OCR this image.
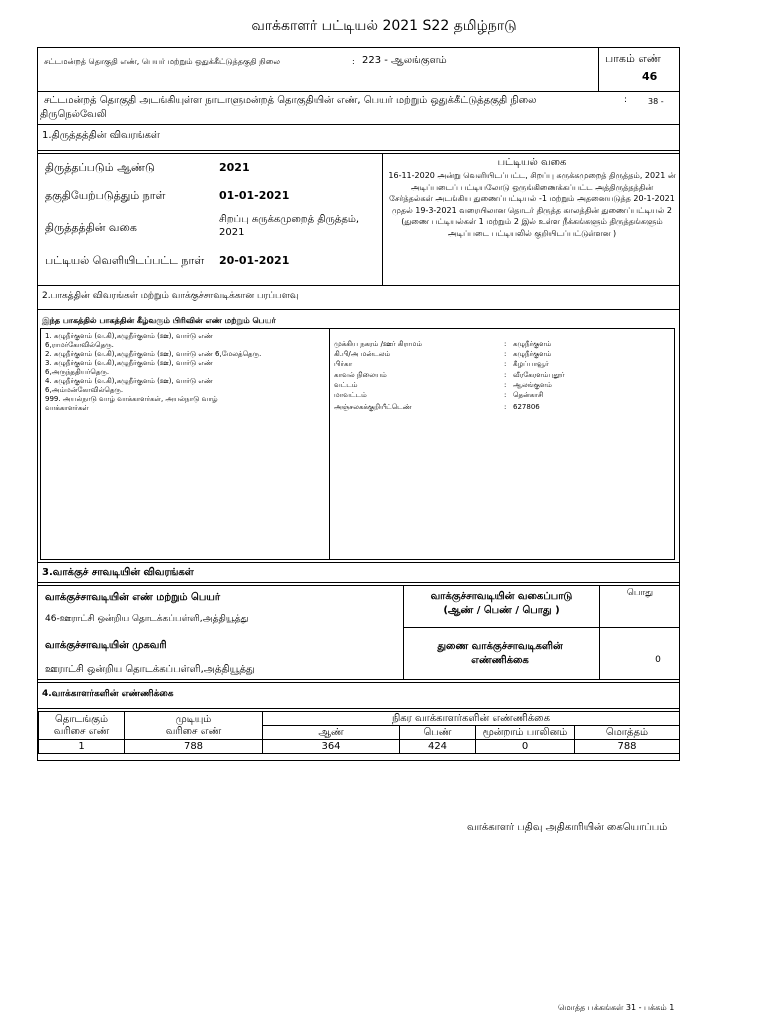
வாக்காளர் பட்டியல் 2021 S22 தமிழ்நாடு
சட்டமன்றத் தொகுதி எண், பெயர் மற்றும் ஒதுக்கீட்டுத்தகுதி நிலை	: 223 - ஆலங்குளம்	பாகம் எண்
46
சட்டமன்றத் தொகுதி அடங்கியுள்ள நாடாளுமன்றத் தொகுதியின் எண், பெயர் மற்றும் ஒதுக்கீட்டுத்தகுதி நிலை	:	38 -
திருநெல்வேலி
1.திருத்தத்தின் விவரங்கள்
திருத்தப்படும் ஆண்டு	2021
தகுதியேற்படுத்தும் நாள்	01-01-2021
திருத்தத்தின் வகை
சிறப்பு சுருக்கமுறைத் திருத்தம், 2021
பட்டியல் வெளியிடப்பட்ட நாள் 20-01-2021
பட்டியல் வகை
16-11-2020 அன்று வெளியிடப்பட்ட, சிறப்பு சுருக்கமுறைத் திருத்தம், 2021 ன் அடிப்படைப் பட்டியலோடு ஒருங்கிணைக்கப்பட்ட அத்திருத்தத்தின் சேர்த்தல்கள் அடங்கிய துணைப்பட்டியல் -1 மற்றும் அதனையடுத்த 20-1-2021 முதல் 19-3-2021 வரையிலான தொடர் திருத்த காலத்தின் துணைப்பட்டியல் 2 (துணை பட்டியல்கள் 1 மற்றும் 2 இல் உள்ள நீக்கங்களும் திருத்தங்களும் அடிப்படை பட்டியலில் குறியிடப்பட்டுள்ளன )
2.பாகத்தின் விவரங்கள் மற்றும் வாக்குச்சாவடிக்கான பரப்பளவு
இந்த பாகத்தில் பாகத்தின் கீழ்வரும் பிரிவின் எண் மற்றும் பெயர்
1. கழுநீர்குளம் (வ.கி),கழுநீர்குளம் (ஊ), வார்டு எண்
6,ராமர்கோவில்தெரு.
2. கழுநீர்குளம் (வ.கி),கழுநீர்குளம் (ஊ), வார்டு எண் 6,மேலத்தெரு.
3. கழுநீர்குளம் (வ.கி),கழுநீர்குளம் (ஊ), வார்டு எண்
6,அருந்ததியர்தெரு.
4. கழுநீர்குளம் (வ.கி),கழுநீர்குளம் (ஊ), வார்டு எண்
6,அம்மன்கோவில்தெரு.
999. அயல்நாடு வாழ் வாக்காளர்கள், அயல்நாடு வாழ்
வாக்காளர்கள்
முக்கிய நகரம் /ஊர் கிராமம்	: கழுநீர்குளம்
கி.பி/அ மன்டலம்	: கழுநீர்குளம்
பிர்கா	: கீழப்பாவூர்
காவல் நிலையம்	: வீரகேரளம்புதூர்
வட்டம்	: ஆலங்குளம்
மாவட்டம்	: தென்காசி
அஞ்சலகக்குறியீட்டெண்	: 627806
3.வாக்குச் சாவடியின் விவரங்கள்
வாக்குச்சாவடியின் எண் மற்றும் பெயர்
46-ஊராட்சி ஒன்றிய தொடக்கப்பள்ளி,அத்தியூத்து
வாக்குச்சாவடியின் முகவரி
ஊராட்சி ஒன்றிய தொடக்கப்பள்ளி,அத்தியூத்து
வாக்குச்சாவடியின் வகைப்பாடு
(ஆண் / பெண் / பொது )
பொது
துணை வாக்குச்சாவடிகளின் எண்ணிக்கை	0
4.வாக்காளர்களின் எண்ணிக்கை
தொடங்கும் வரிசை எண்	முடியும் வரிசை எண்	நிகர வாக்காளர்களின் எண்ணிக்கை			
		ஆண்	பெண்	மூன்றாம் பாலினம்	மொத்தம்
1	788	364	424	0	788
வாக்காளர் பதிவு அதிகாரியின் கையொப்பம்
மொத்த பக்கங்கள் 31 - பக்கம் 1
